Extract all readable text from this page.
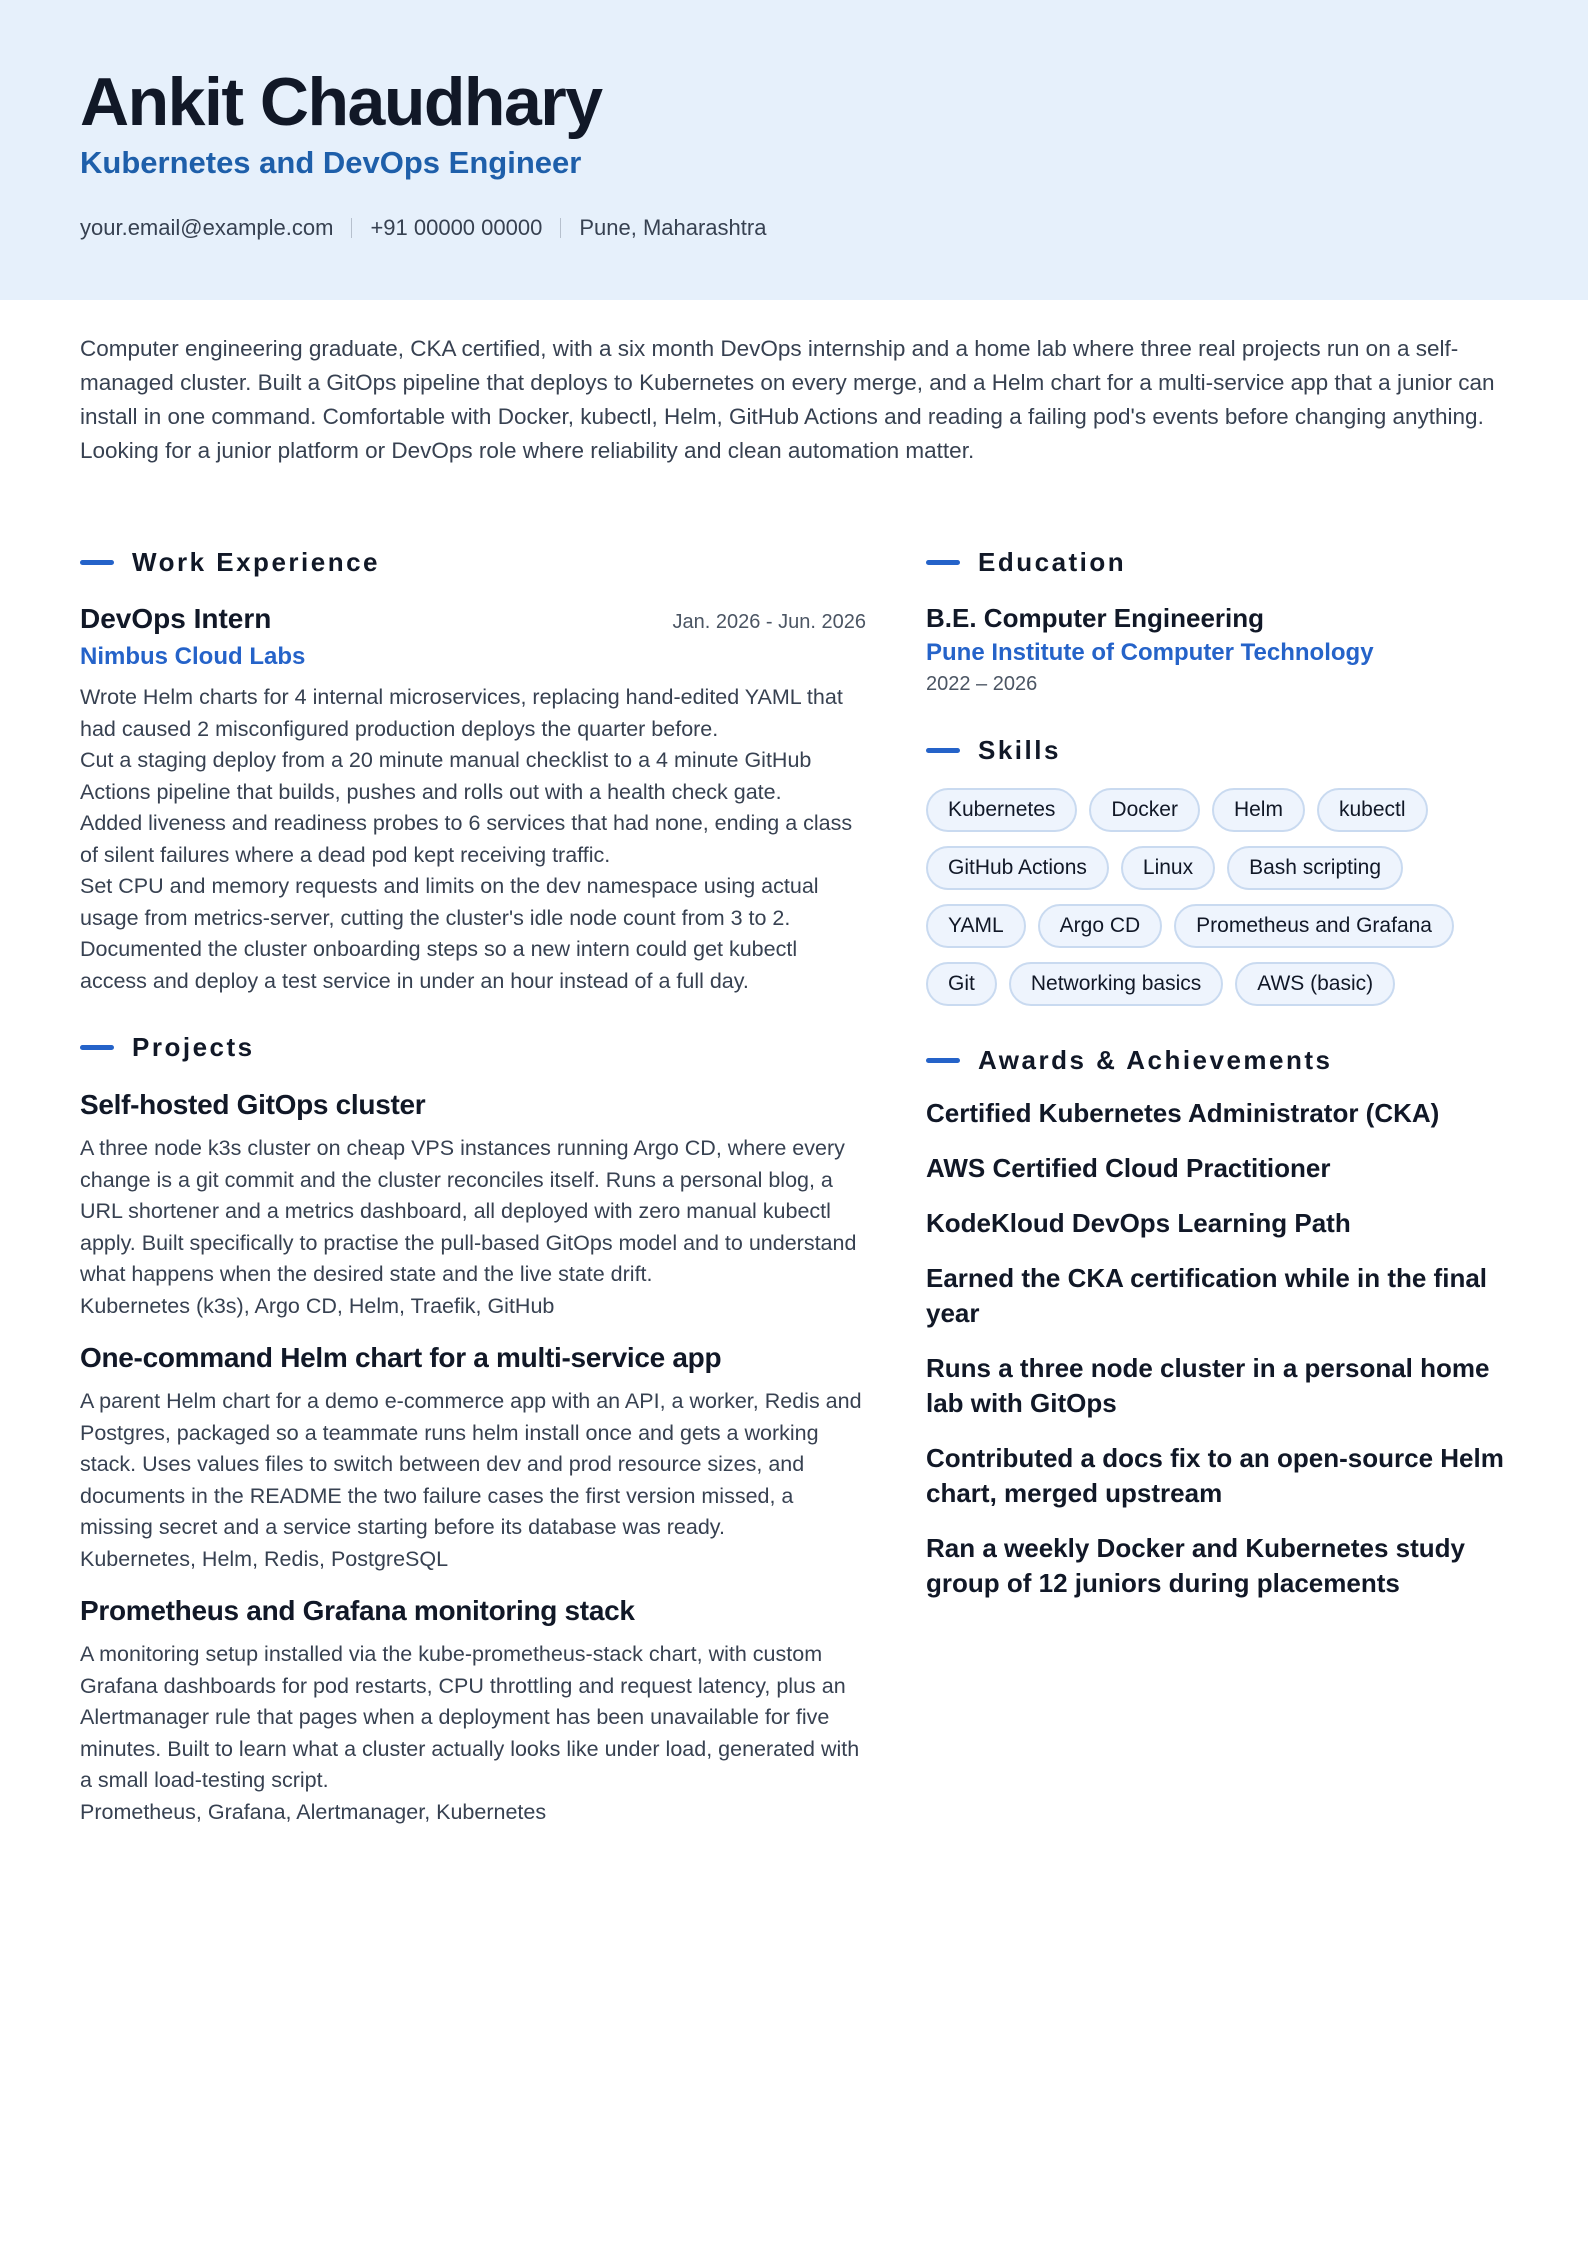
Ankit Chaudhary
Kubernetes and DevOps Engineer
your.email@example.com +91 00000 00000 Pune, Maharashtra

Computer engineering graduate, CKA certified, with a six month DevOps internship and a home lab where three real projects run on a self-managed cluster. Built a GitOps pipeline that deploys to Kubernetes on every merge, and a Helm chart for a multi-service app that a junior can install in one command. Comfortable with Docker, kubectl, Helm, GitHub Actions and reading a failing pod's events before changing anything. Looking for a junior platform or DevOps role where reliability and clean automation matter.

Work Experience
DevOps Intern	Jan. 2026 - Jun. 2026
Nimbus Cloud Labs
Wrote Helm charts for 4 internal microservices, replacing hand-edited YAML that had caused 2 misconfigured production deploys the quarter before.
Cut a staging deploy from a 20 minute manual checklist to a 4 minute GitHub Actions pipeline that builds, pushes and rolls out with a health check gate.
Added liveness and readiness probes to 6 services that had none, ending a class of silent failures where a dead pod kept receiving traffic.
Set CPU and memory requests and limits on the dev namespace using actual usage from metrics-server, cutting the cluster's idle node count from 3 to 2.
Documented the cluster onboarding steps so a new intern could get kubectl access and deploy a test service in under an hour instead of a full day.
Projects
Self-hosted GitOps cluster

A three node k3s cluster on cheap VPS instances running Argo CD, where every change is a git commit and the cluster reconciles itself. Runs a personal blog, a URL shortener and a metrics dashboard, all deployed with zero manual kubectl apply. Built specifically to practise the pull-based GitOps model and to understand what happens when the desired state and the live state drift.

Kubernetes (k3s), Argo CD, Helm, Traefik, GitHub

One-command Helm chart for a multi-service app

A parent Helm chart for a demo e-commerce app with an API, a worker, Redis and Postgres, packaged so a teammate runs helm install once and gets a working stack. Uses values files to switch between dev and prod resource sizes, and documents in the README the two failure cases the first version missed, a missing secret and a service starting before its database was ready.

Kubernetes, Helm, Redis, PostgreSQL

Prometheus and Grafana monitoring stack

A monitoring setup installed via the kube-prometheus-stack chart, with custom Grafana dashboards for pod restarts, CPU throttling and request latency, plus an Alertmanager rule that pages when a deployment has been unavailable for five minutes. Built to learn what a cluster actually looks like under load, generated with a small load-testing script.

Prometheus, Grafana, Alertmanager, Kubernetes

Education
B.E. Computer Engineering
Pune Institute of Computer Technology
2022 – 2026
Skills
Kubernetes	Docker	Helm	kubectl
GitHub Actions	Linux	Bash scripting
YAML	Argo CD	Prometheus and Grafana
Git	Networking basics	AWS (basic)
Awards & Achievements
Certified Kubernetes Administrator (CKA)
AWS Certified Cloud Practitioner
KodeKloud DevOps Learning Path
Earned the CKA certification while in the final year
Runs a three node cluster in a personal home lab with GitOps
Contributed a docs fix to an open-source Helm chart, merged upstream
Ran a weekly Docker and Kubernetes study group of 12 juniors during placements
